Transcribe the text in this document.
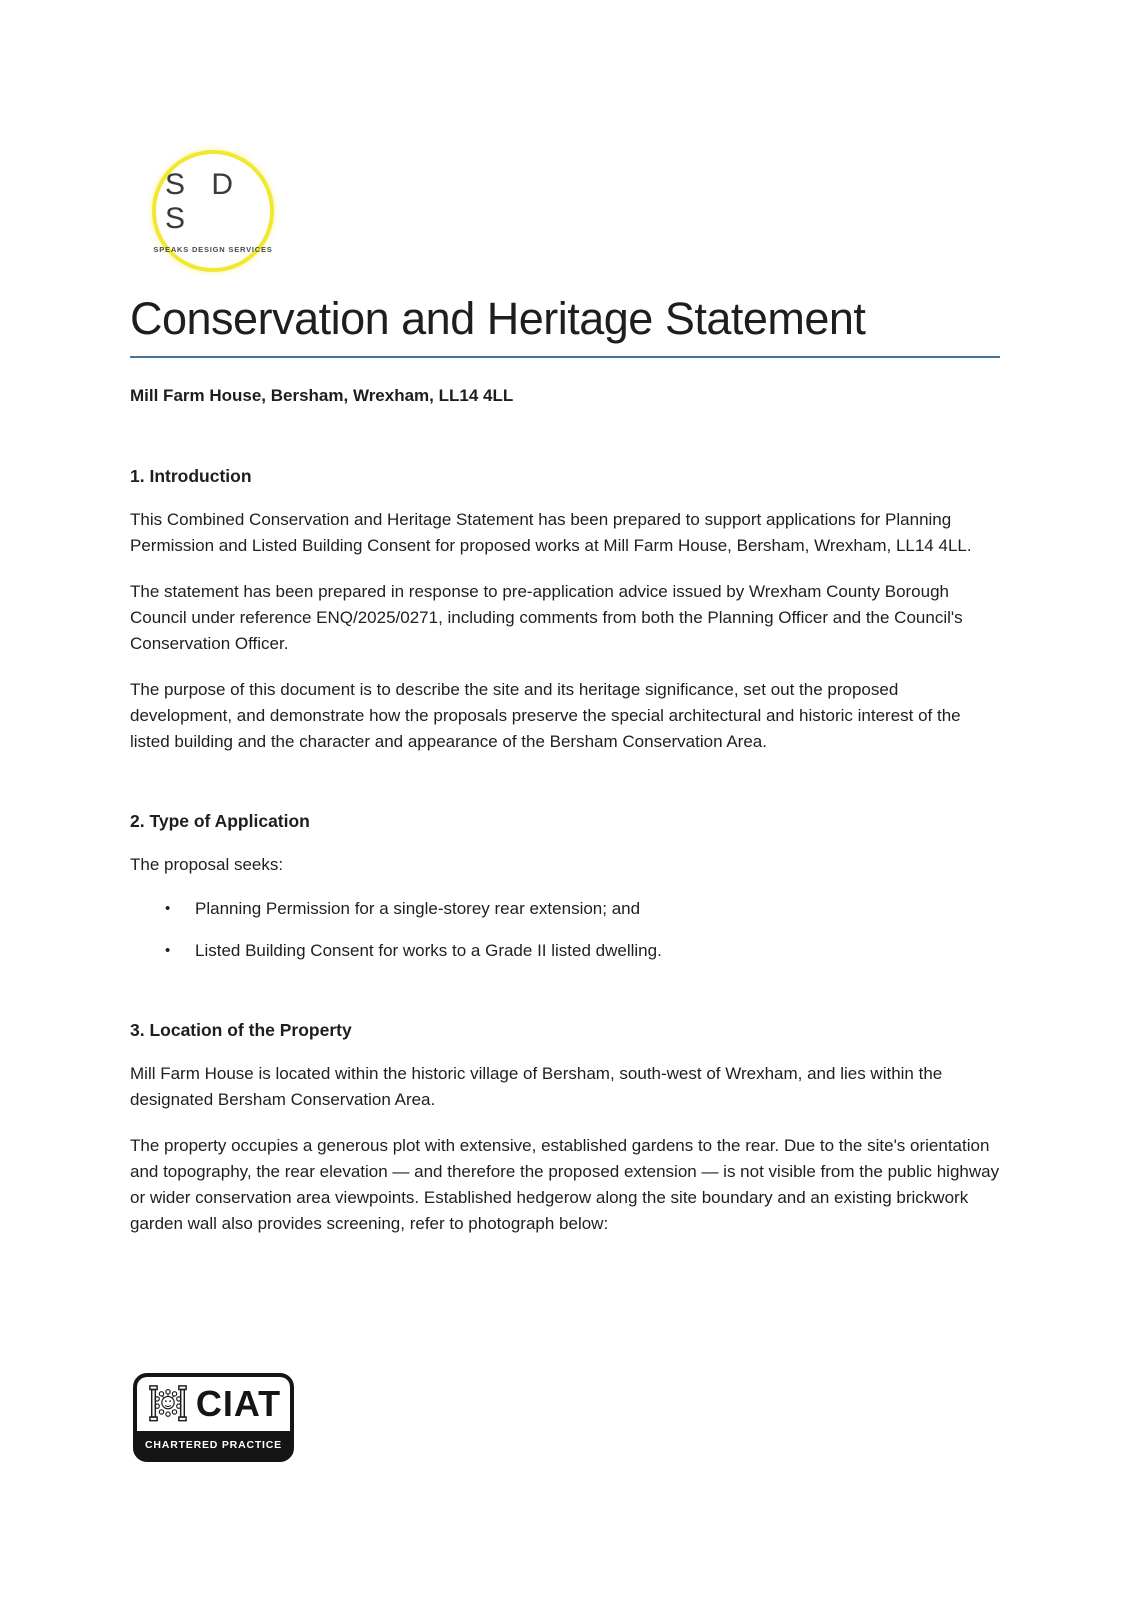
S D S
SPEAKS DESIGN SERVICES
Conservation and Heritage Statement

Mill Farm House, Bersham, Wrexham, LL14 4LL

1. Introduction

This Combined Conservation and Heritage Statement has been prepared to support applications for Planning Permission and Listed Building Consent for proposed works at Mill Farm House, Bersham, Wrexham, LL14 4LL.

The statement has been prepared in response to pre-application advice issued by Wrexham County Borough Council under reference ENQ/2025/0271, including comments from both the Planning Officer and the Council's Conservation Officer.

The purpose of this document is to describe the site and its heritage significance, set out the proposed development, and demonstrate how the proposals preserve the special architectural and historic interest of the listed building and the character and appearance of the Bersham Conservation Area.

2. Type of Application

The proposal seeks:

•	Planning Permission for a single-storey rear extension; and
•	Listed Building Consent for works to a Grade II listed dwelling.
3. Location of the Property

Mill Farm House is located within the historic village of Bersham, south-west of Wrexham, and lies within the designated Bersham Conservation Area.

The property occupies a generous plot with extensive, established gardens to the rear. Due to the site's orientation and topography, the rear elevation — and therefore the proposed extension — is not visible from the public highway or wider conservation area viewpoints. Established hedgerow along the site boundary and an existing brickwork garden wall also provides screening, refer to photograph below:

CIAT
CHARTERED PRACTICE
